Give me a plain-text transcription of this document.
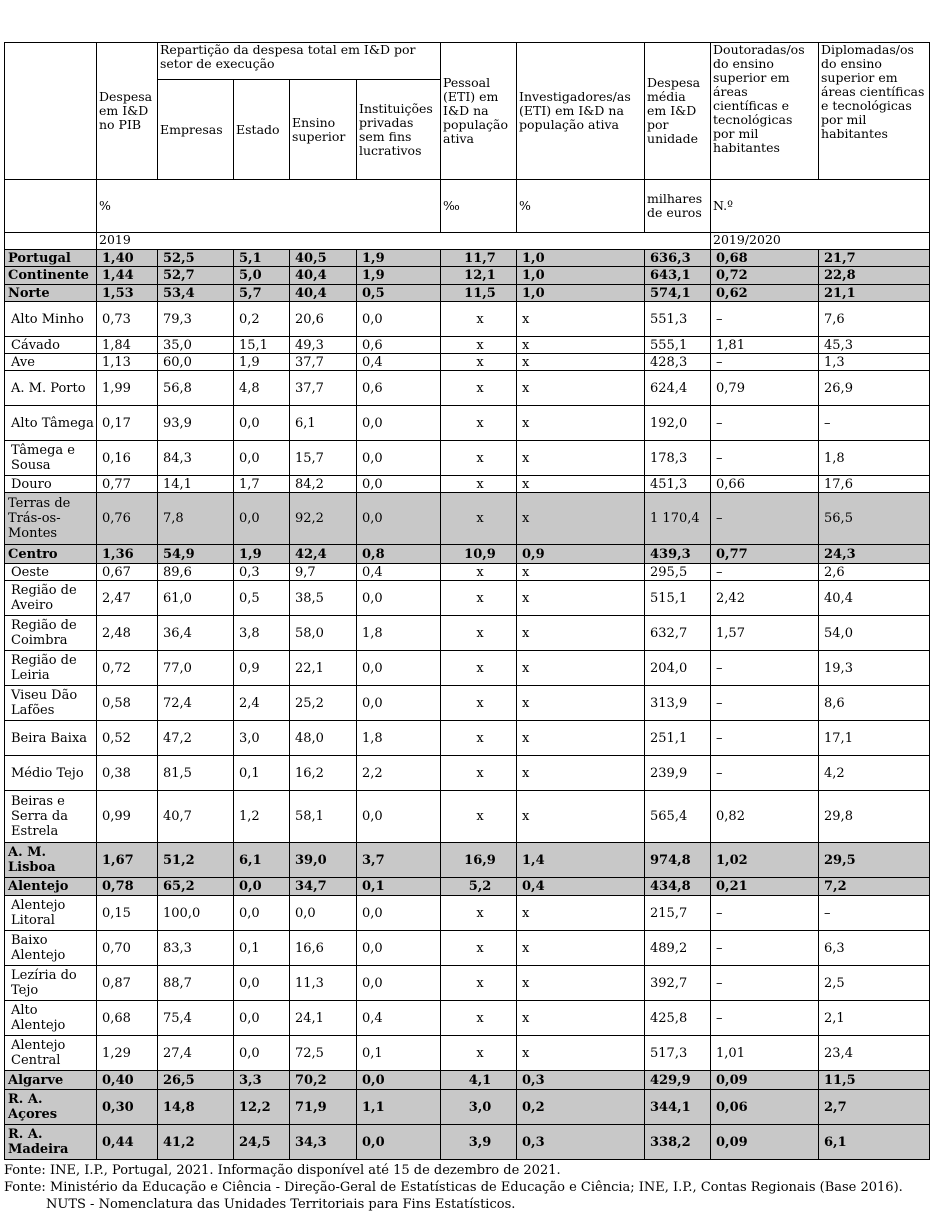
	Despesa em I&D no PIB	Repartição da despesa total em I&D por setor de execução				Pessoal (ETI) em I&D na população ativa	Investigadores/as (ETI) em I&D na população ativa	Despesa média em I&D por unidade	Doutoradas/os do ensino superior em áreas científicas e tecnológicas por mil habitantes	Diplomadas/os do ensino superior em áreas científicas e tecnológicas por mil habitantes
		Empresas	Estado	Ensino superior	Instituições privadas sem fins lucrativos					
	%					‰	%	milhares de euros	N.º	
	2019								2019/2020	
Portugal	1,40	52,5	5,1	40,5	1,9	11,7	1,0	636,3	0,68	21,7
Continente	1,44	52,7	5,0	40,4	1,9	12,1	1,0	643,1	0,72	22,8
Norte	1,53	53,4	5,7	40,4	0,5	11,5	1,0	574,1	0,62	21,1
Alto Minho	0,73	79,3	0,2	20,6	0,0	x	x	551,3	–	7,6
Cávado	1,84	35,0	15,1	49,3	0,6	x	x	555,1	1,81	45,3
Ave	1,13	60,0	1,9	37,7	0,4	x	x	428,3	–	1,3
A. M. Porto	1,99	56,8	4,8	37,7	0,6	x	x	624,4	0,79	26,9
Alto Tâmega	0,17	93,9	0,0	6,1	0,0	x	x	192,0	–	–
Tâmega e Sousa	0,16	84,3	0,0	15,7	0,0	x	x	178,3	–	1,8
Douro	0,77	14,1	1,7	84,2	0,0	x	x	451,3	0,66	17,6
Terras de Trás-os-Montes	0,76	7,8	0,0	92,2	0,0	x	x	1 170,4	–	56,5
Centro	1,36	54,9	1,9	42,4	0,8	10,9	0,9	439,3	0,77	24,3
Oeste	0,67	89,6	0,3	9,7	0,4	x	x	295,5	–	2,6
Região de Aveiro	2,47	61,0	0,5	38,5	0,0	x	x	515,1	2,42	40,4
Região de Coimbra	2,48	36,4	3,8	58,0	1,8	x	x	632,7	1,57	54,0
Região de Leiria	0,72	77,0	0,9	22,1	0,0	x	x	204,0	–	19,3
Viseu Dão Lafões	0,58	72,4	2,4	25,2	0,0	x	x	313,9	–	8,6
Beira Baixa	0,52	47,2	3,0	48,0	1,8	x	x	251,1	–	17,1
Médio Tejo	0,38	81,5	0,1	16,2	2,2	x	x	239,9	–	4,2
Beiras e Serra da Estrela	0,99	40,7	1,2	58,1	0,0	x	x	565,4	0,82	29,8
A. M. Lisboa	1,67	51,2	6,1	39,0	3,7	16,9	1,4	974,8	1,02	29,5
Alentejo	0,78	65,2	0,0	34,7	0,1	5,2	0,4	434,8	0,21	7,2
Alentejo Litoral	0,15	100,0	0,0	0,0	0,0	x	x	215,7	–	–
Baixo Alentejo	0,70	83,3	0,1	16,6	0,0	x	x	489,2	–	6,3
Lezíria do Tejo	0,87	88,7	0,0	11,3	0,0	x	x	392,7	–	2,5
Alto Alentejo	0,68	75,4	0,0	24,1	0,4	x	x	425,8	–	2,1
Alentejo Central	1,29	27,4	0,0	72,5	0,1	x	x	517,3	1,01	23,4
Algarve	0,40	26,5	3,3	70,2	0,0	4,1	0,3	429,9	0,09	11,5
R. A. Açores	0,30	14,8	12,2	71,9	1,1	3,0	0,2	344,1	0,06	2,7
R. A. Madeira	0,44	41,2	24,5	34,3	0,0	3,9	0,3	338,2	0,09	6,1
Fonte: INE, I.P., Portugal, 2021. Informação disponível até 15 de dezembro de 2021.
Fonte: Ministério da Educação e Ciência - Direção-Geral de Estatísticas de Educação e Ciência; INE, I.P., Contas Regionais (Base 2016).
NUTS - Nomenclatura das Unidades Territoriais para Fins Estatísticos.
